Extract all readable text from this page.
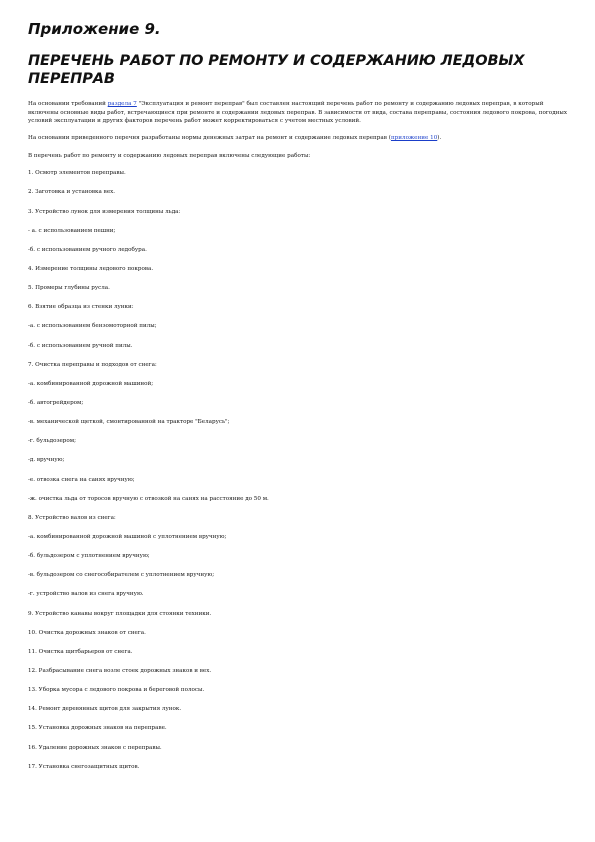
Приложение 9.
ПЕРЕЧЕНЬ РАБОТ ПО РЕМОНТУ И СОДЕРЖАНИЮ ЛЕДОВЫХ ПЕРЕПРАВ

На основании требований раздела 7 "Эксплуатация и ремонт переправ" был составлен настоящий перечень работ по ремонту и содержанию ледовых переправ, в который включены основные виды работ, встречающиеся при ремонте и содержании ледовых переправ. В зависимости от вида, состава переправы, состояния ледового покрова, погодных условий эксплуатации и других факторов перечень работ может корректироваться с учетом местных условий.

На основании приведенного перечня разработаны нормы денежных затрат на ремонт и содержание ледовых переправ (приложение 10).

В перечень работ по ремонту и содержанию ледовых переправ включены следующие работы:

1. Осмотр элементов переправы.

2. Заготовка и установка вех.

3. Устройство лунок для измерения толщины льда:

- а. с использованием пешни;

-б. с использованием ручного ледобура.

4. Измерение толщины ледового покрова.

5. Промеры глубины русла.

6. Взятие образца из стенки лунки:

-а. с использованием бензомоторной пилы;

-б. с использованием ручной пилы.

7. Очистка переправы и подходов от снега:

-а. комбинированной дорожной машиной;

-б. автогрейдером;

-в. механической щеткой, смонтированной на тракторе "Беларусь";

-г. бульдозером;

-д. вручную;

-е. отвозка снега на санях вручную;

-ж. очистка льда от торосов вручную с отвозкой на санях на расстояние до 50 м.

8. Устройство валов из снега:

-а. комбинированной дорожной машиной с уплотнением вручную;

-б. бульдозером с уплотнением вручную;

-в. бульдозером со снегособирателем с уплотнением вручную;

-г. устройство валов из снега вручную.

9. Устройство канавы вокруг площадки для стоянки техники.

10. Очистка дорожных знаков от снега.

11. Очистка щитбарьеров от снега.

12. Разбрасывание снега возле стоек дорожных знаков и вех.

13. Уборка мусора с ледового покрова и береговой полосы.

14. Ремонт деревянных щитов для закрытия лунок.

15. Установка дорожных знаков на переправе.

16. Удаление дорожных знаков с переправы.

17. Установка снегозащитных щитов.
